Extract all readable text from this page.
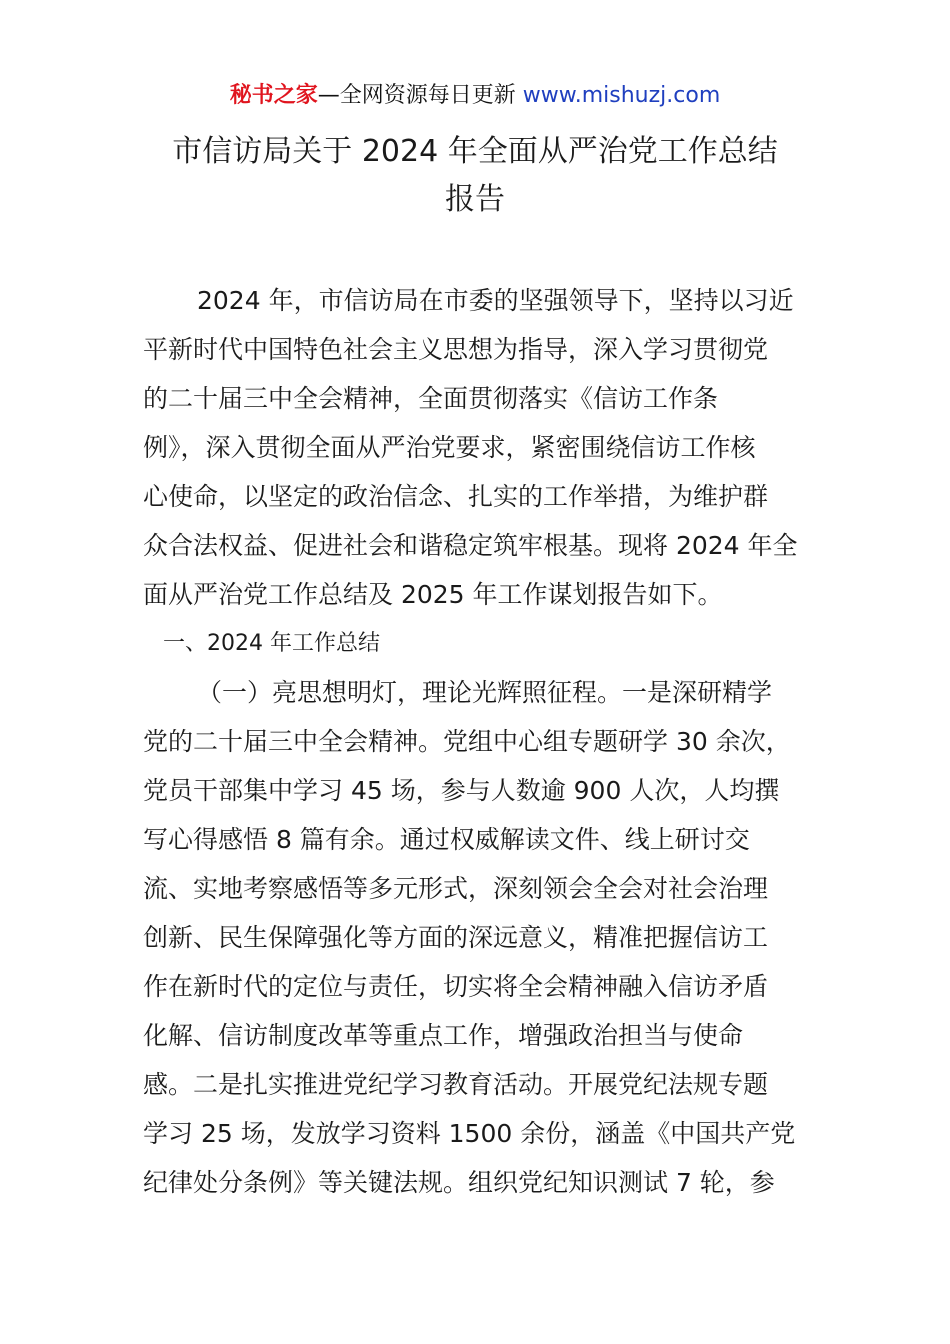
秘书之家—全网资源每日更新 www.mishuzj.com
市信访局关于 2024 年全面从严治党工作总结
报告
2024 年，市信访局在市委的坚强领导下，坚持以习近
平新时代中国特色社会主义思想为指导，深入学习贯彻党
的二十届三中全会精神，全面贯彻落实《信访工作条
例》，深入贯彻全面从严治党要求，紧密围绕信访工作核
心使命，以坚定的政治信念、扎实的工作举措，为维护群
众合法权益、促进社会和谐稳定筑牢根基。现将 2024 年全
面从严治党工作总结及 2025 年工作谋划报告如下。
一、2024 年工作总结
（一）亮思想明灯，理论光辉照征程。一是深研精学
党的二十届三中全会精神。党组中心组专题研学 30 余次，
党员干部集中学习 45 场，参与人数逾 900 人次，人均撰
写心得感悟 8 篇有余。通过权威解读文件、线上研讨交
流、实地考察感悟等多元形式，深刻领会全会对社会治理
创新、民生保障强化等方面的深远意义，精准把握信访工
作在新时代的定位与责任，切实将全会精神融入信访矛盾
化解、信访制度改革等重点工作，增强政治担当与使命
感。二是扎实推进党纪学习教育活动。开展党纪法规专题
学习 25 场，发放学习资料 1500 余份，涵盖《中国共产党
纪律处分条例》等关键法规。组织党纪知识测试 7 轮，参
